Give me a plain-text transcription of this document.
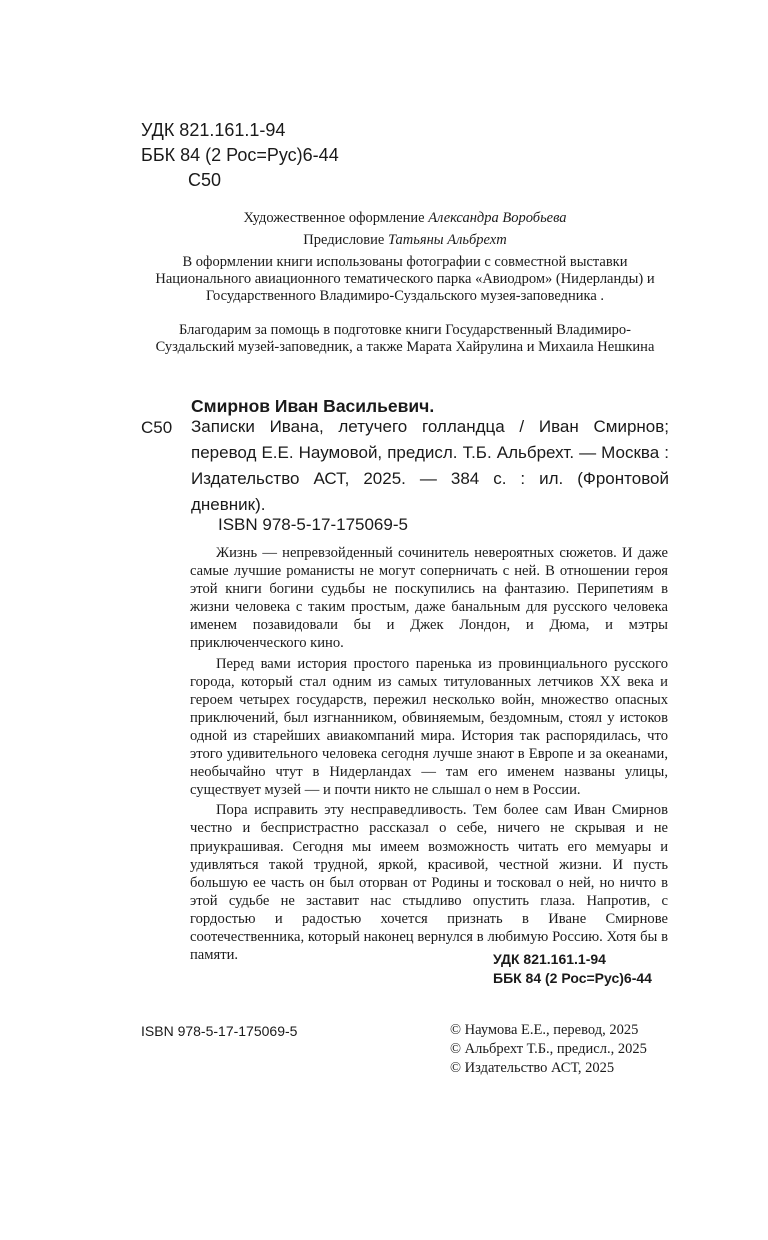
УДК 821.161.1-94
ББК 84 (2 Рос=Рус)6-44
С50
Художественное оформление Александра Воробьева
Предисловие Татьяны Альбрехт
В оформлении книги использованы фотографии с совместной выставки Национального авиационного тематического парка «Авиодром» (Нидерланды) и Государственного Владимиро-Суздальского музея-заповедника .
Благодарим за помощь в подготовке книги Государственный Владимиро-Суздальский музей-заповедник, а также Марата Хайрулина и Михаила Нешкина
Смирнов Иван Васильевич.
С50 Записки Ивана, летучего голландца / Иван Смирнов; перевод Е.Е. Наумовой, предисл. Т.Б. Альбрехт. — Москва : Издательство АСТ, 2025. — 384 с. : ил. (Фронтовой дневник).
ISBN 978-5-17-175069-5

Жизнь — непревзойденный сочинитель невероятных сюжетов. И даже самые лучшие романисты не могут соперничать с ней. В отношении героя этой книги богини судьбы не поскупились на фантазию. Перипетиям в жизни человека с таким простым, даже банальным для русского человека именем позавидовали бы и Джек Лондон, и Дюма, и мэтры приключенческого кино.

Перед вами история простого паренька из провинциального русского города, который стал одним из самых титулованных летчиков XX века и героем четырех государств, пережил несколько войн, множество опасных приключений, был изгнанником, обвиняемым, бездомным, стоял у истоков одной из старейших авиакомпаний мира. История так распорядилась, что этого удивительного человека сегодня лучше знают в Европе и за океанами, необычайно чтут в Нидерландах — там его именем названы улицы, существует музей — и почти никто не слышал о нем в России.

Пора исправить эту несправедливость. Тем более сам Иван Смирнов честно и беспристрастно рассказал о себе, ничего не скрывая и не приукрашивая. Сегодня мы имеем возможность читать его мемуары и удивляться такой трудной, яркой, красивой, честной жизни. И пусть большую ее часть он был оторван от Родины и тосковал о ней, но ничто в этой судьбе не заставит нас стыдливо опустить глаза. Напротив, с гордостью и радостью хочется признать в Иване Смирнове соотечественника, который наконец вернулся в любимую Россию. Хотя бы в памяти.	УДК 821.161.1-94
ББК 84 (2 Рос=Рус)6-44
ISBN 978-5-17-175069-5	© Наумова Е.Е., перевод, 2025
© Альбрехт Т.Б., предисл., 2025
© Издательство АСТ, 2025
